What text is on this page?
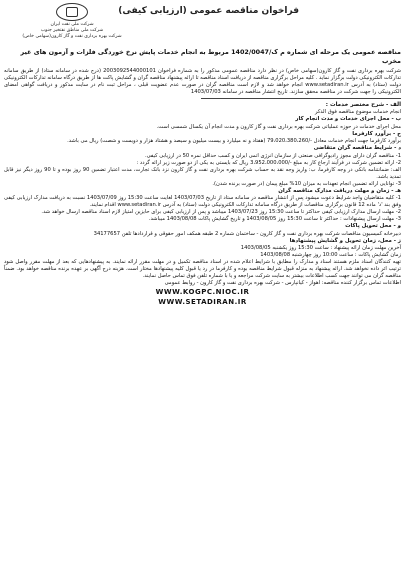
فراخوان مناقصه عمومی (ارزیابی کیفی)
شرکت ملی نفت ایران
شرکت ملی مناطق نفتخیز جنوب
شرکت بهره برداری نفت و گاز کارون(سهامی خاص)
مناقصه عمومی یک مرحله ای شماره م ک/1402/0047 مربوط به انجام خدمات پایش نرخ خوردگی فلزات و آزمون های غیر مخرب

شرکت بهره برداری نفت و گاز کارون(سهامی خاص) در نظر دارد مناقصه عمومی مذکور را به شماره فراخوان 2003092544000101 (درج شده در سامانه ستاد) از طریق سامانه تدارکات الکترونیکی دولت برگزار نماید . کلیه مراحل برگزاری مناقصه از دریافت اسناد مناقصه تا ارائه پیشنهاد مناقصه گران و گشایش پاکت ها از طریق درگاه سامانه تدارکات الکترونیکی دولت (ستاد) به آدرس www.setadiran.ir انجام خواهد شد و لازم است مناقصه گران در صورت عدم عضویت قبلی ، مراحل ثبت نام در سایت مذکور و دریافت گواهی امضای الکترونیکی را جهت شرکت در مناقصه محقق سازند. تاریخ انتشار مناقصه در سامانه 1403/07/03

الف - شرح مختصر خدمات :

انجام خدمات موضوع مناقصه فوق الذکر

ب - محل اجرای خدمات و مدت انجام کار

محل اجرای خدمات در حوزه عملیاتی شرکت بهره برداری نفت و گاز کارون و مدت انجام آن یکسال شمسی است.

ج - برآورد کارفرما

برآورد کارفرما جهت انجام خدمات معادل -/79،020،380،260 (هفتاد و نه میلیارد و بیست میلیون و سیصد و هشتاد هزار و دویست و شصت) ریال می باشد.

د - شرایط مناقصه گران متقاضی

1- مناقصه گران دارای مجوز رادیوگرافی صنعتی از سازمان انرژی اتمی ایران و کسب حداقل نمره 50 در ارزیابی کیفی.

2- ارائه تضمین شرکت در فرآیند ارجاع کار به مبلغ -/3،952،000،000 ریال که بایستی به یکی از دو صورت زیر ارائه گردد :

الف: ضمانتنامه بانکی در وجه کارفرما، ب: واریز وجه نقد به حساب شرکت بهره برداری نفت و گاز کارون نزد بانک تجارت، مدت اعتبار تضمین 90 روز بوده و تا 90 روز دیگر نیز قابل تمدید باشد.

3- توانایی ارائه تضمین انجام تعهدات به میزان 10% مبلغ پیمان (در صورت برنده شدن).

هـ - زمان و مهلت دریافت مدارک مناقصه گران

1- کلیه متقاضیان واجد شرایط دعوت میشود پس از انتشار مناقصه در سامانه ستاد از تاریخ 1403/07/03 لغایت ساعت 15:30 روز 1403/07/09 نسبت به دریافت مدارک ارزیابی کیفی وفق بند 'د' ماده 12 قانون برگزاری مناقصات از طریق درگاه سامانه تدارکات الکترونیکی دولت (ستاد) به آدرس www.setadiran.ir اقدام نمایند.

2- مهلت ارسال مدارک ارزیابی کیفی حداکثر تا ساعت 15:30 روز 1403/07/23 میباشد و پس از ارزیابی کیفی برای حایزین امتیاز لازم اسناد مناقصه ارسال خواهد شد.

3- مهلت ارسال پیشنهادات : حداکثر تا ساعت 15:30 روز 1403/08/05 و تاریخ گشایش پاکات 1403/08/08 میباشد.

و - محل تحویل پاکات

دبیرخانه کمیسیون مناقصات شرکت بهره برداری نفت و گاز کارون - ساختمان شماره 2 طبقه همکف امور حقوقی و قراردادها تلفن 34177657

ز - محل، زمان تحویل و گشایش پیشنهادها

آخرین مهلت زمان ارائه پیشنهاد : ساعت 15:30 روز یکشنبه 1403/08/05

زمان گشایش پاکات : ساعت 10:00 روز چهارشنبه 1403/08/08

تهیه کنندگان اسناد ملزم هستند اسناد و مدارک را مطابق با شرایط اعلام شده در اسناد مناقصه تکمیل و در مهلت مقرر ارائه نمایند. به پیشنهادهایی که بعد از مهلت مقرر واصل شود ترتیب اثر داده نخواهد شد. ارائه پیشنهاد به منزله قبول شرایط مناقصه بوده و کارفرما در رد یا قبول کلیه پیشنهادها مختار است. هزینه درج آگهی بر عهده برنده مناقصه خواهد بود. ضمناً مناقصه گران می توانند جهت کسب اطلاعات بیشتر به سایت شرکت مراجعه و یا با شماره تلفن فوق تماس حاصل نمایند.

اطلاعات تماس برگزار کننده مناقصه: اهواز - کیانپارس - شرکت بهره برداری نفت و گاز کارون - روابط عمومی

WWW.KOGPC.NIOC.IR
WWW.SETADIRAN.IR
